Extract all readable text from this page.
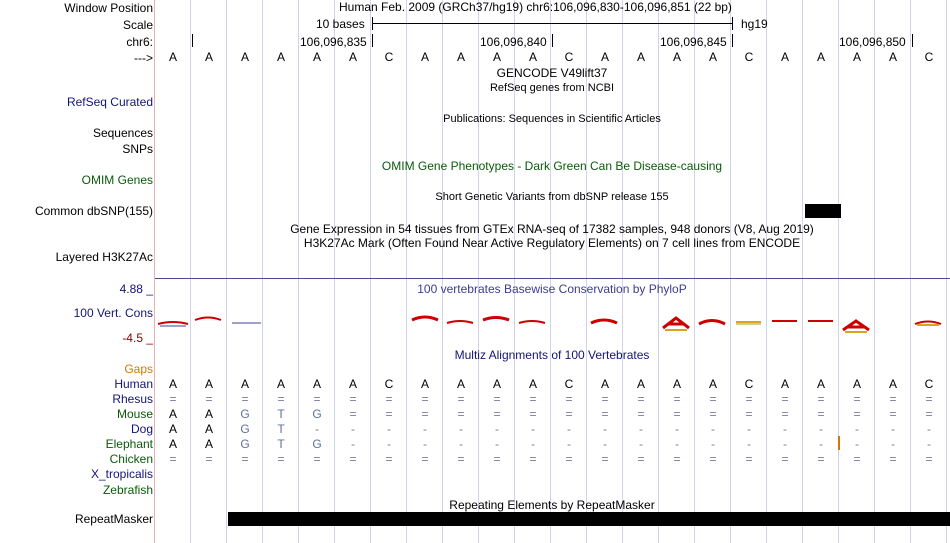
Window Position
Scale
chr6:
--->
RefSeq Curated
Sequences
SNPs
OMIM Genes
Common dbSNP(155)
Layered H3K27Ac
4.88 _
100 Vert. Cons
-4.5 _
Gaps
RepeatMasker
Human Feb. 2009 (GRCh37/hg19) chr6:106,096,830-106,096,851 (22 bp)
10 bases	hg19
106,096,835	106,096,840	106,096,845	106,096,850
A A A A A A C A A A A C A A A A C A A A A C
GENCODE V49lift37
RefSeq genes from NCBI
Publications: Sequences in Scientific Articles
OMIM Gene Phenotypes - Dark Green Can Be Disease-causing
Short Genetic Variants from dbSNP release 155
Gene Expression in 54 tissues from GTEx RNA-seq of 17382 samples, 948 donors (V8, Aug 2019)
H3K27Ac Mark (Often Found Near Active Regulatory Elements) on 7 cell lines from ENCODE
100 vertebrates Basewise Conservation by PhyloP
Multiz Alignments of 100 Vertebrates
Human A A A A A A C A A A A C A A A A C A A A A C
Rhesus = = = = = = = = = = = = = = = = = = = = = =
Mouse A A G T G = = = = = = = = = = = = = = = = =
Dog A A G T	-	-	-	-	-	-	-	-	-	-	-	-	-	-	-	-	-	-
Elephant A A G T G	-	-	-	-	-	-	-	-	-	-	-	-	-	-	-	-	-
Chicken = = = = = = = = = = = = = = = = = = = = = =
X_tropicalis
Zebrafish
Repeating Elements by RepeatMasker
